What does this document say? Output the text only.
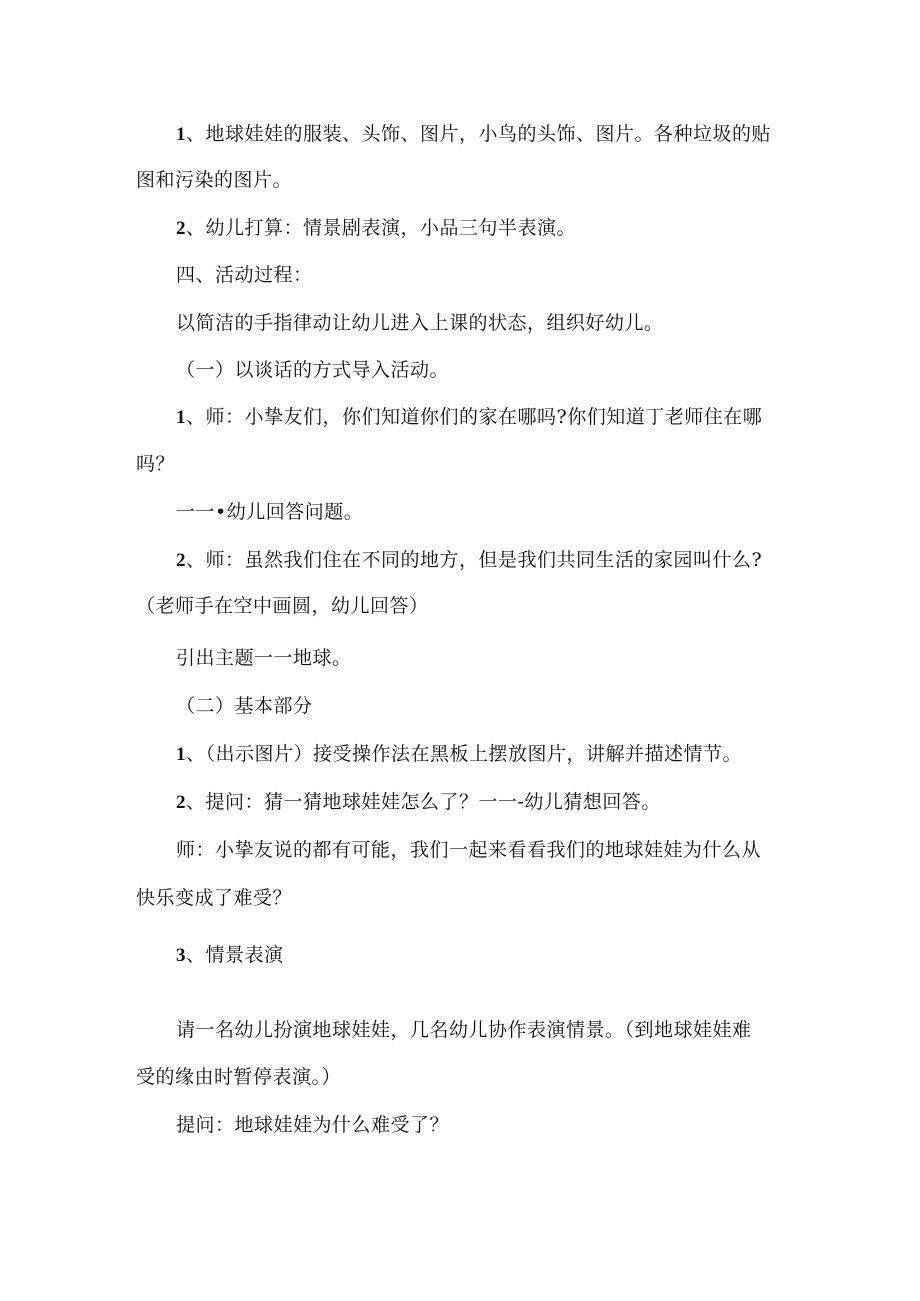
1、地球娃娃的服装、头饰、图片，小鸟的头饰、图片。各种垃圾的贴
图和污染的图片。
2、幼儿打算：情景剧表演，小品三句半表演。
四、活动过程：
以简洁的手指律动让幼儿进入上课的状态，组织好幼儿。
（一）以谈话的方式导入活动。
1、师：小挚友们，你们知道你们的家在哪吗?你们知道丁老师住在哪
吗？
一一•幼儿回答问题。
2、师：虽然我们住在不同的地方，但是我们共同生活的家园叫什么?
（老师手在空中画圆，幼儿回答）
引出主题一一地球。
（二）基本部分
1、（出示图片）接受操作法在黑板上摆放图片，讲解并描述情节。
2、提问：猜一猜地球娃娃怎么了？一一-幼儿猜想回答。
师：小挚友说的都有可能，我们一起来看看我们的地球娃娃为什么从
快乐变成了难受？
3、情景表演
请一名幼儿扮演地球娃娃，几名幼儿协作表演情景。（到地球娃娃难
受的缘由时暂停表演。）
提问：地球娃娃为什么难受了？
